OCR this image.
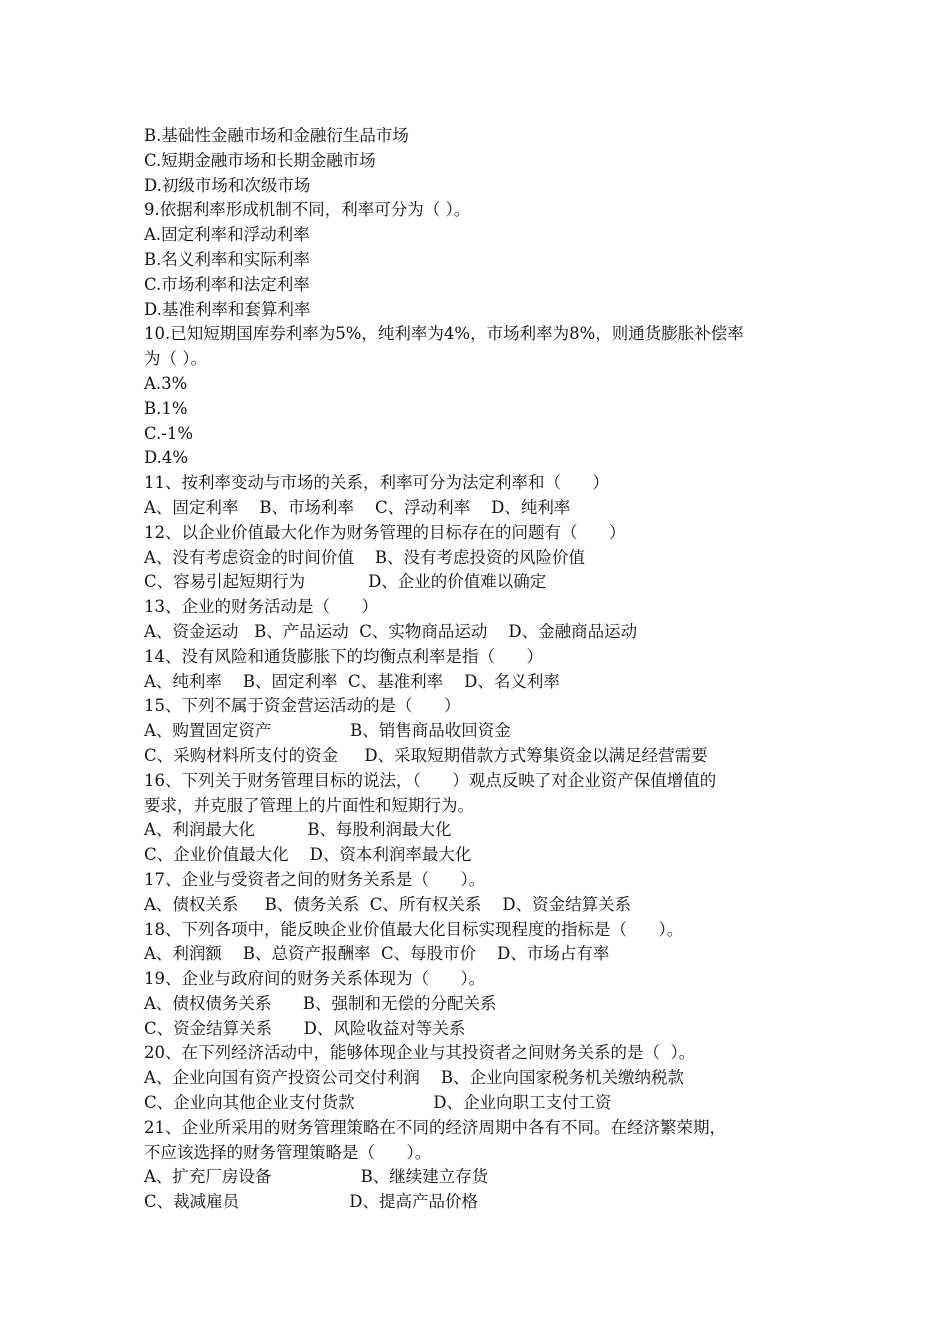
B.基础性金融市场和金融衍生品市场
C.短期金融市场和长期金融市场
D.初级市场和次级市场
9.依据利率形成机制不同，利率可分为（ ）。
A.固定利率和浮动利率
B.名义利率和实际利率
C.市场利率和法定利率
D.基准利率和套算利率
10.已知短期国库券利率为5%，纯利率为4%，市场利率为8%，则通货膨胀补偿率
为（ ）。
A.3%
B.1%
C.-1%
D.4%
11、按利率变动与市场的关系，利率可分为法定利率和（      ）
A、固定利率    B、市场利率    C、浮动利率    D、纯利率
12、以企业价值最大化作为财务管理的目标存在的问题有（      ）
A、没有考虑资金的时间价值    B、没有考虑投资的风险价值
C、容易引起短期行为            D、企业的价值难以确定
13、企业的财务活动是（      ）
A、资金运动   B、产品运动  C、实物商品运动    D、金融商品运动
14、没有风险和通货膨胀下的均衡点利率是指（      ）
A、纯利率    B、固定利率  C、基准利率    D、名义利率
15、下列不属于资金营运活动的是（      ）
A、购置固定资产               B、销售商品收回资金
C、采购材料所支付的资金     D、采取短期借款方式筹集资金以满足经营需要
16、下列关于财务管理目标的说法，（      ）观点反映了对企业资产保值增值的
要求，并克服了管理上的片面性和短期行为。
A、利润最大化          B、每股利润最大化
C、企业价值最大化    D、资本利润率最大化
17、企业与受资者之间的财务关系是（      ）。
A、债权关系     B、债务关系  C、所有权关系    D、资金结算关系
18、下列各项中，能反映企业价值最大化目标实现程度的指标是（      ）。
A、利润额    B、总资产报酬率  C、每股市价    D、市场占有率
19、企业与政府间的财务关系体现为（      ）。
A、债权债务关系      B、强制和无偿的分配关系
C、资金结算关系      D、风险收益对等关系
20、在下列经济活动中，能够体现企业与其投资者之间财务关系的是（  ）。
A、企业向国有资产投资公司交付利润    B、企业向国家税务机关缴纳税款
C、企业向其他企业支付货款               D、企业向职工支付工资
21、企业所采用的财务管理策略在不同的经济周期中各有不同。在经济繁荣期，
不应该选择的财务管理策略是（      ）。
A、扩充厂房设备                 B、继续建立存货
C、裁减雇员                     D、提高产品价格
